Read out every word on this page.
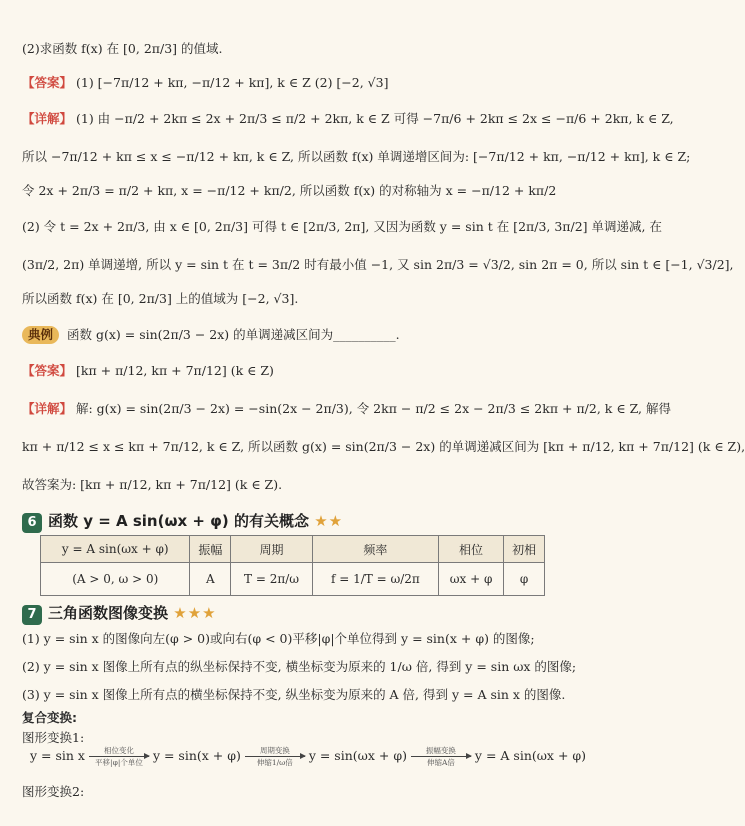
(2)求函数 f(x) 在 [0, 2π/3] 的值域.
【答案】 (1) [−7π/12 + kπ, −π/12 + kπ], k ∈ Z (2) [−2, √3]
【详解】 (1) 由 −π/2 + 2kπ ≤ 2x + 2π/3 ≤ π/2 + 2kπ, k ∈ Z 可得 −7π/6 + 2kπ ≤ 2x ≤ −π/6 + 2kπ, k ∈ Z,
所以 −7π/12 + kπ ≤ x ≤ −π/12 + kπ, k ∈ Z, 所以函数 f(x) 单调递增区间为: [−7π/12 + kπ, −π/12 + kπ], k ∈ Z;
令 2x + 2π/3 = π/2 + kπ, x = −π/12 + kπ/2, 所以函数 f(x) 的对称轴为 x = −π/12 + kπ/2
(2) 令 t = 2x + 2π/3, 由 x ∈ [0, 2π/3] 可得 t ∈ [2π/3, 2π], 又因为函数 y = sin t 在 [2π/3, 3π/2] 单调递减, 在
(3π/2, 2π) 单调递增, 所以 y = sin t 在 t = 3π/2 时有最小值 −1, 又 sin 2π/3 = √3/2, sin 2π = 0, 所以 sin t ∈ [−1, √3/2],
所以函数 f(x) 在 [0, 2π/3] 上的值域为 [−2, √3].
典例 函数 g(x) = sin(2π/3 − 2x) 的单调递减区间为__________.
【答案】 [kπ + π/12, kπ + 7π/12] (k ∈ Z)
【详解】 解: g(x) = sin(2π/3 − 2x) = −sin(2x − 2π/3), 令 2kπ − π/2 ≤ 2x − 2π/3 ≤ 2kπ + π/2, k ∈ Z, 解得
kπ + π/12 ≤ x ≤ kπ + 7π/12, k ∈ Z, 所以函数 g(x) = sin(2π/3 − 2x) 的单调递减区间为 [kπ + π/12, kπ + 7π/12] (k ∈ Z),
故答案为: [kπ + π/12, kπ + 7π/12] (k ∈ Z).
6 函数 y = A sin(ωx + φ) 的有关概念 ★★
y = A sin(ωx + φ)	振幅	周期	频率	相位	初相
(A > 0, ω > 0)	A	T = 2π/ω	f = 1/T = ω/2π	ωx + φ	φ
7 三角函数图像变换 ★★★
(1) y = sin x 的图像向左(φ > 0)或向右(φ < 0)平移|φ|个单位得到 y = sin(x + φ) 的图像;
(2) y = sin x 图像上所有点的纵坐标保持不变, 横坐标变为原来的 1/ω 倍, 得到 y = sin ωx 的图像;
(3) y = sin x 图像上所有点的横坐标保持不变, 纵坐标变为原来的 A 倍, 得到 y = A sin x 的图像.
复合变换:
图形变换1:
y = sin x	相位变化
平移|φ|个单位 y = sin(x + φ)	周期变换
伸缩1/ω倍 y = sin(ωx + φ)	振幅变换
伸缩A倍 y = A sin(ωx + φ)
图形变换2:
